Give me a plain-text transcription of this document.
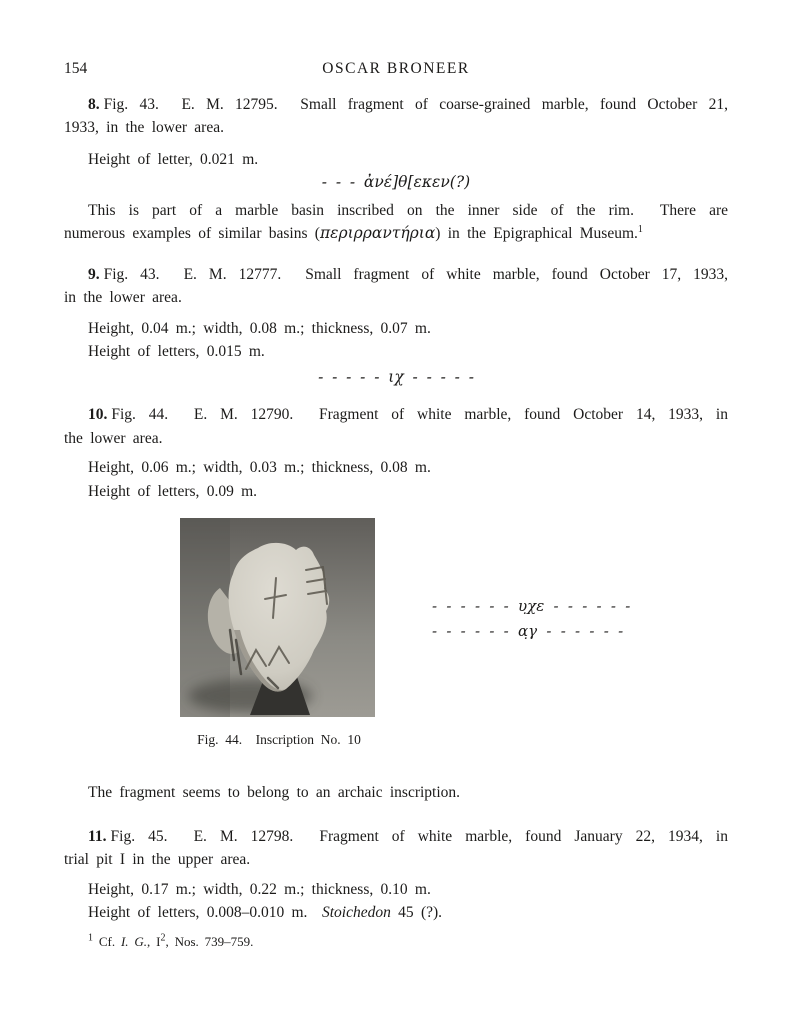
154	OSCAR BRONEER
8. Fig. 43.  E. M. 12795.  Small fragment of coarse-grained marble, found October 21,
1933, in the lower area.
Height of letter, 0.021 m.
- - - ἀνέ]θ[εκεν(?)
This is part of a marble basin inscribed on the inner side of the rim.  There are
numerous examples of similar basins (περιρραντήρια) in the Epigraphical Museum.$^1$
9. Fig. 43.  E. M. 12777.  Small fragment of white marble, found October 17, 1933,
in the lower area.
Height, 0.04 m.; width, 0.08 m.; thickness, 0.07 m.
Height of letters, 0.015 m.
- - - - - ιχ - - - - -
10. Fig. 44.  E. M. 12790.  Fragment of white marble, found October 14, 1933, in
the lower area.
Height, 0.06 m.; width, 0.03 m.; thickness, 0.08 m.
Height of letters, 0.09 m.
- - - - - - υ̣χε - - - - - -
- - - - - - α̣γ - - - - - -
Fig. 44.  Inscription No. 10
The fragment seems to belong to an archaic inscription.
11. Fig. 45.  E. M. 12798.  Fragment of white marble, found January 22, 1934, in
trial pit I in the upper area.
Height, 0.17 m.; width, 0.22 m.; thickness, 0.10 m.
Height of letters, 0.008–0.010 m.  Stoichedon 45 (?).
$^1$ Cf. I. G., $I^2$, Nos. 739–759.
